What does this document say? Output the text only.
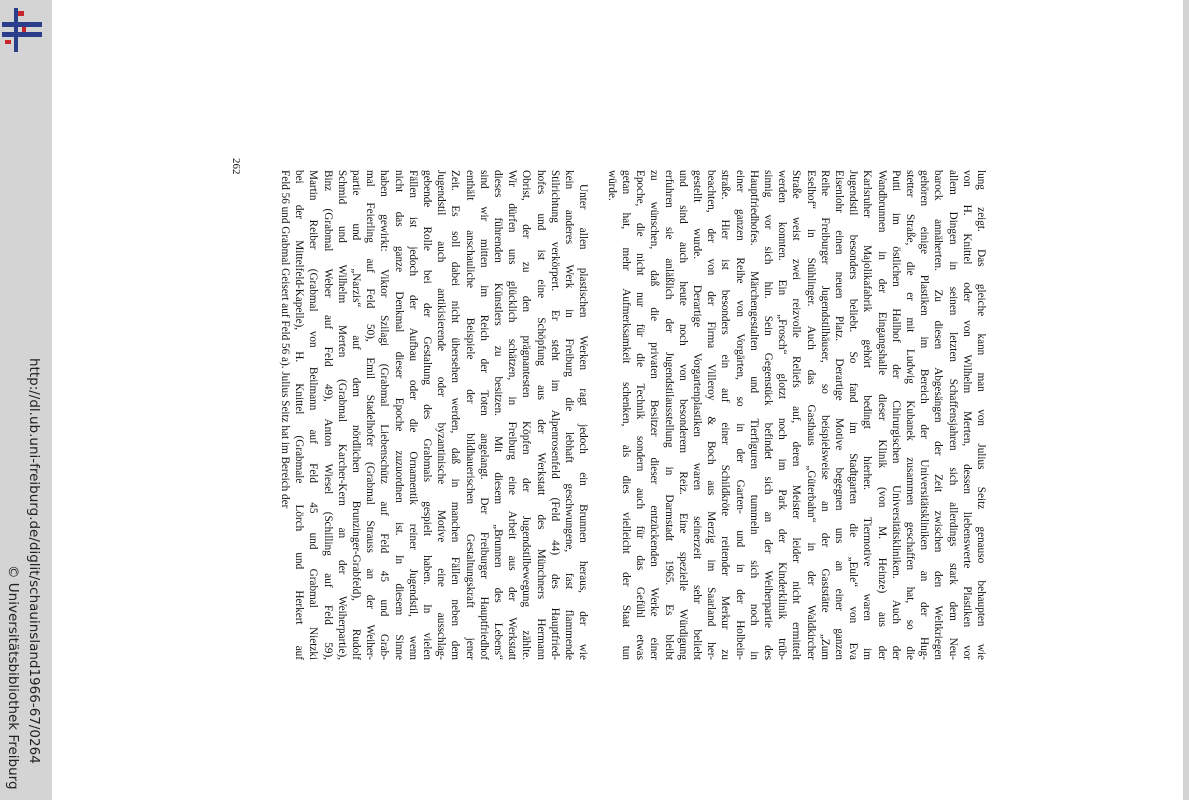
http://dl.ub.uni-freiburg.de/diglit/schauinsland1966-67/0264
© Universitätsbibliothek Freiburg
lung zeigt. Das gleiche kann man von Julius Seitz genauso behaupten wie
von H. Knittel oder von Wilhelm Merten, dessen liebenswerte Plastiken vor
allem Dingen in seinen letzten Schaffensjahren sich allerdings stark dem Neu-
barock annäherten. Zu diesen Abgesängen der Zeit zwischen den Weltkriegen
gehören einige Plastiken im Bereich der Universitätskliniken an der Hug-
stetter Straße, die er mit Ludwig Kubanek zusammen geschaffen hat, so die
Putti im östlichen Hallhof der Chirurgischen Universitätskliniken. Auch der
Wandbrunnen in der Eingangshalle dieser Klinik (von M. Heinze) aus der
Karlsruher Majolikafabrik gehört bedingt hierher. Tiermotive waren im
Jugendstil besonders beliebt. So fand im Stadtgarten die „Eule“ von Eva
Eisenlohr einen neuen Platz. Derartige Motive begegnen uns an einer ganzen
Reihe Freiburger Jugendstilhäuser, so beispielsweise an der Gaststätte „Zum
Eselhof“ in Stühlinger. Auch das Gasthaus „Güterbahn“ in der Waldkircher
Straße weist zwei reizvolle Reliefs auf, deren Meister leider nicht ermittelt
werden konnten. Ein „Frosch“ glotzt noch im Park der Kinderklinik trüb-
sinnig vor sich hin. Sein Gegenstück befindet sich an der Weiherpartie des
Hauptfriedhofes. Märchengestalten und Tierfiguren tummeln sich noch in
einer ganzen Reihe von Vorgärten, so in der Garten- und in der Holbein-
straße. Hier ist besonders ein auf einer Schildkröte reitender Merkur zu
beachten, der von der Firma Villeroy & Boch aus Merzig im Saarland her-
gestellt wurde. Derartige Vorgartenplastiken waren seinerzeit sehr beliebt
und sind auch heute noch von besonderem Reiz. Eine spezielle Würdigung
erfuhren sie anläßlich der Jugendstilausstellung in Darmstadt 1965. Es bleibt
zu wünschen, daß die privaten Besitzer dieser entzückenden Werke einer
Epoche, die nicht nur für die Technik sondern auch für das Gefühl etwas
getan hat, mehr Aufmerksamkeit schenken, als dies vielleicht der Staat tun
würde.

Unter allen plastischen Werken ragt jedoch ein Brunnen heraus, der wie
kein anderes Werk in Freiburg die lebhaft geschwungene, fast flammende
Stilrichtung verkörpert. Er steht im Alpenrosenfeld (Feld 44) des Hauptfried-
hofes und ist eine Schöpfung aus der Werkstatt des Münchners Hermann
Obrist, der zu den prägnantesten Köpfen der Jugendstilbewegung zählte.
Wir dürfen uns glücklich schätzen, in Freiburg eine Arbeit aus der Werkstatt
dieses führenden Künstlers zu besitzen. Mit diesem „Brunnen des Lebens“
sind wir mitten im Reich der Toten angelangt. Der Freiburger Hauptfriedhof
enthält anschauliche Beispiele der bildhauerischen Gestaltungskraft jener
Zeit. Es soll dabei nicht übersehen werden, daß in manchen Fällen neben dem
Jugendstil auch antikisierende oder byzantinische Motive eine ausschlag-
gebende Rolle bei der Gestaltung des Grabmals gespielt haben. In vielen
Fällen ist jedoch der Aufbau oder die Ornamentik reiner Jugendstil, wenn
nicht das ganze Denkmal dieser Epoche zuzuordnen ist. In diesem Sinne
haben gewirkt: Viktor Szilagi (Grabmal Liebenschütz auf Feld 45 und Grab-
mal Feierling auf Feld 50), Emil Stadelhofer (Grabmal Strauss an der Weiher-
partie und „Narzis“ auf dem nördlichen Brunzinger-Grabfeld), Rudolf
Schmid und Wilhelm Merten (Grabmal Karcher-Kern an der Weiherpartie),
Binz (Grabmal Weber auf Feld 49), Anton Wiesel (Schilling auf Feld 59),
Martin Reiber (Grabmal von Beilmann auf Feld 45 und Grabmal Nietzki
bei der Mittelfeld-Kapelle), H. Knittel (Grabmale Lörch und Herkert auf
Feld 56 und Grabmal Geisert auf Feld 56 a). Julius Seitz hat im Bereich der
262
